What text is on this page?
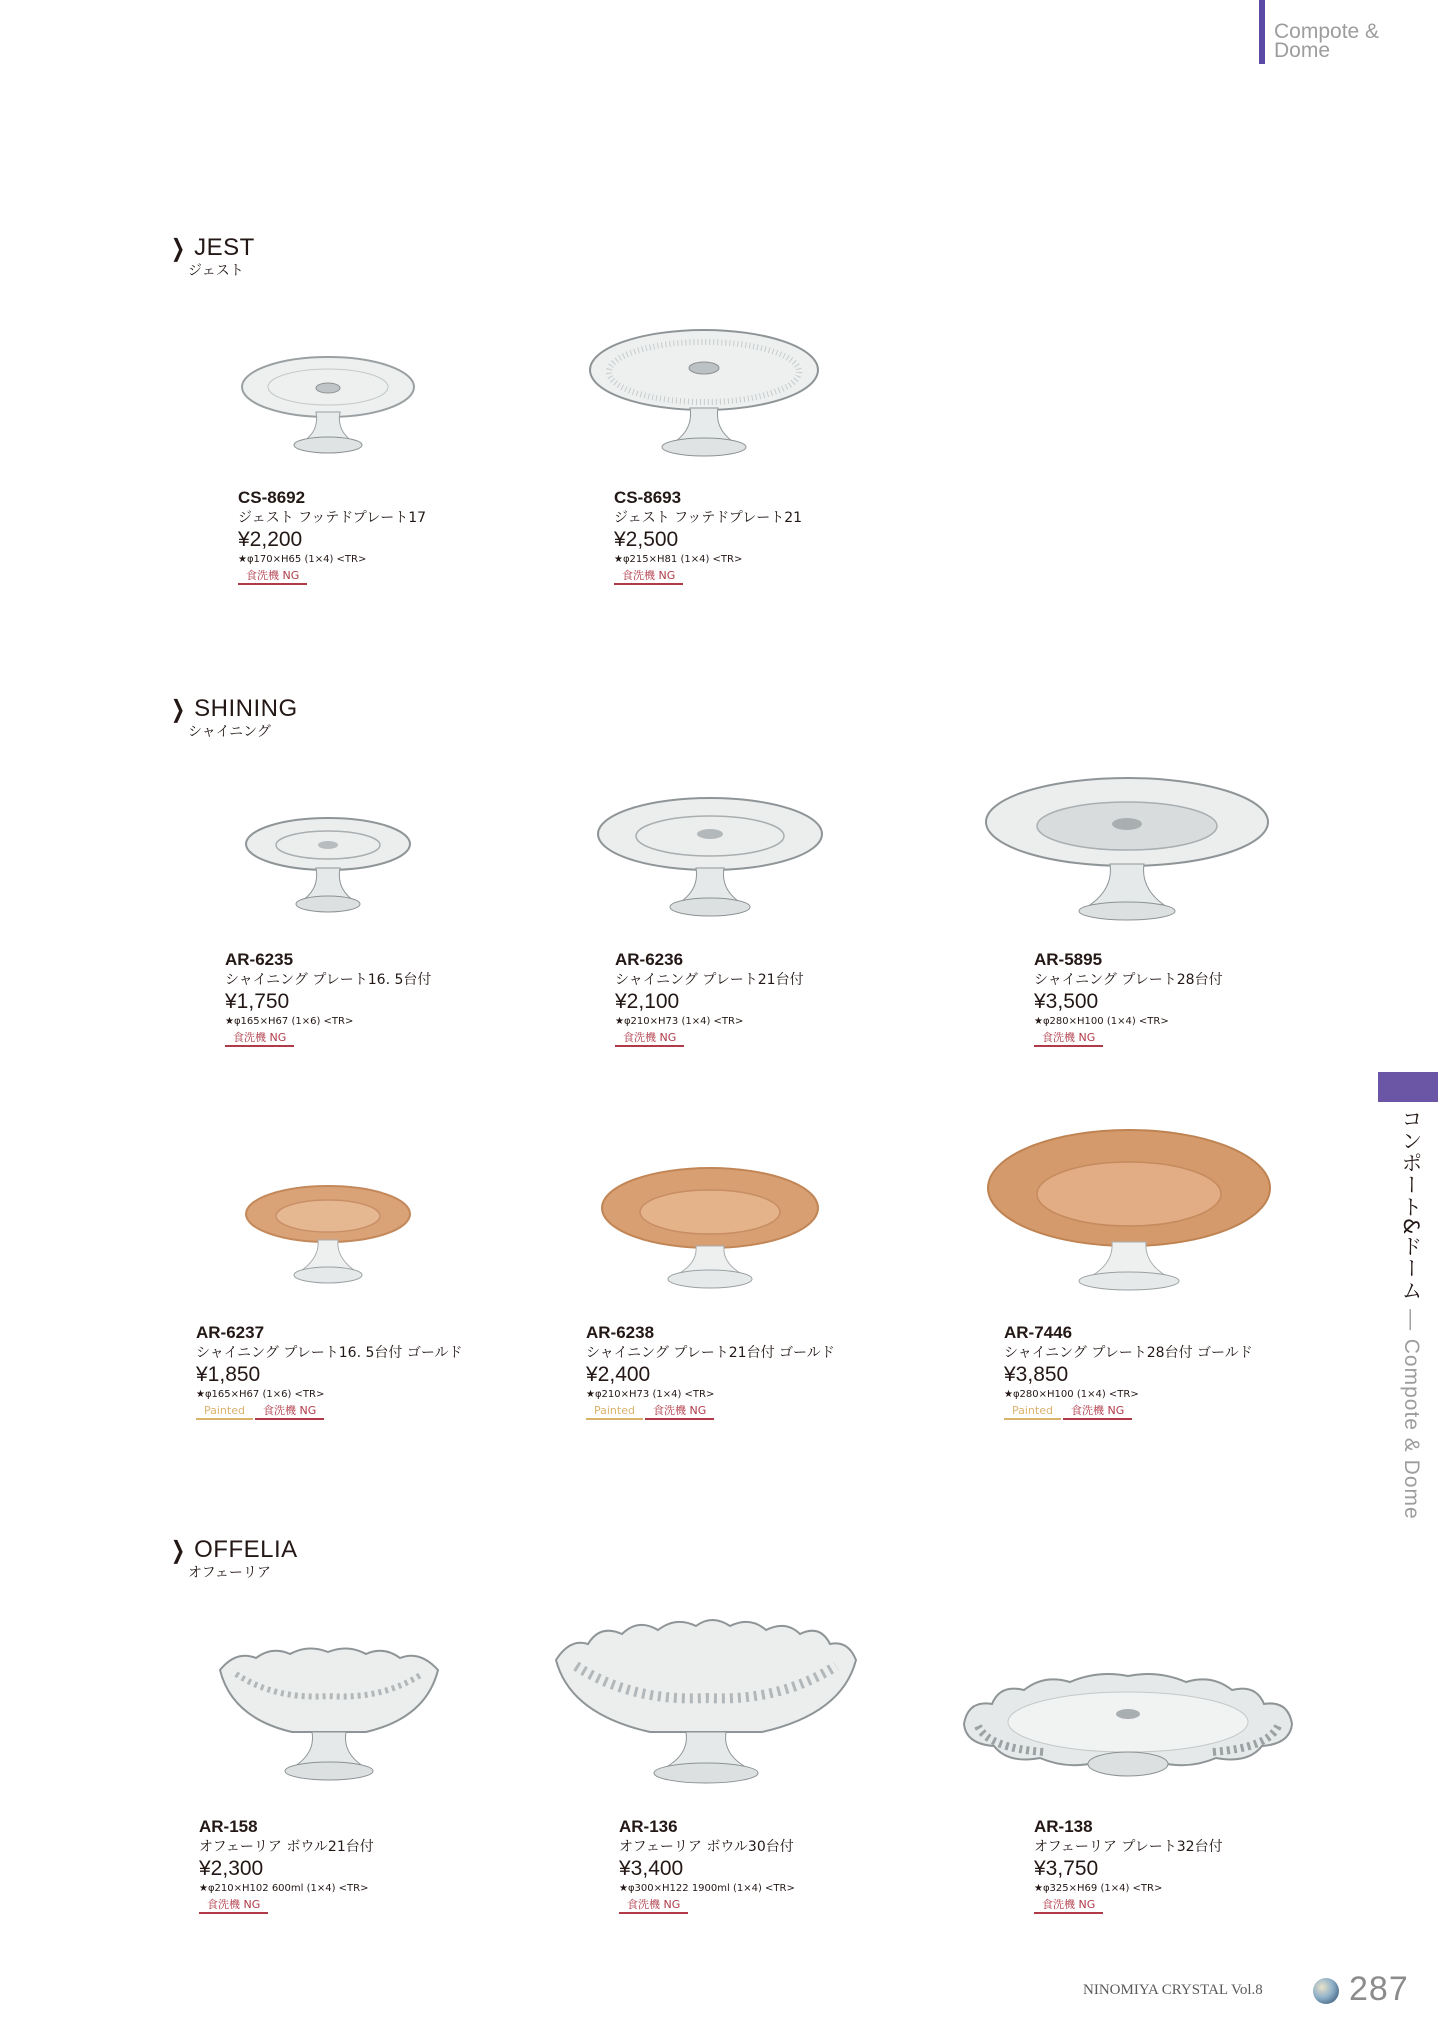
Compote & Dome
コンポート&ドーム — Compote & Dome
❯ JEST
ジェスト
CS-8692
ジェスト フッテドプレート17
¥2,200
★φ170×H65 (1×4) <TR>
食洗機 NG
CS-8693
ジェスト フッテドプレート21
¥2,500
★φ215×H81 (1×4) <TR>
食洗機 NG
❯ SHINING
シャイニング
AR-6235
シャイニング プレート16. 5台付
¥1,750
★φ165×H67 (1×6) <TR>
食洗機 NG
AR-6236
シャイニング プレート21台付
¥2,100
★φ210×H73 (1×4) <TR>
食洗機 NG
AR-5895
シャイニング プレート28台付
¥3,500
★φ280×H100 (1×4) <TR>
食洗機 NG
AR-6237
シャイニング プレート16. 5台付 ゴールド
¥1,850
★φ165×H67 (1×6) <TR>
Painted 食洗機 NG
AR-6238
シャイニング プレート21台付 ゴールド
¥2,400
★φ210×H73 (1×4) <TR>
Painted 食洗機 NG
AR-7446
シャイニング プレート28台付 ゴールド
¥3,850
★φ280×H100 (1×4) <TR>
Painted 食洗機 NG
❯ OFFELIA
オフェーリア
AR-158
オフェーリア ボウル21台付
¥2,300
★φ210×H102 600ml (1×4) <TR>
食洗機 NG
AR-136
オフェーリア ボウル30台付
¥3,400
★φ300×H122 1900ml (1×4) <TR>
食洗機 NG
AR-138
オフェーリア プレート32台付
¥3,750
★φ325×H69 (1×4) <TR>
食洗機 NG
NINOMIYA CRYSTAL Vol.8	287
